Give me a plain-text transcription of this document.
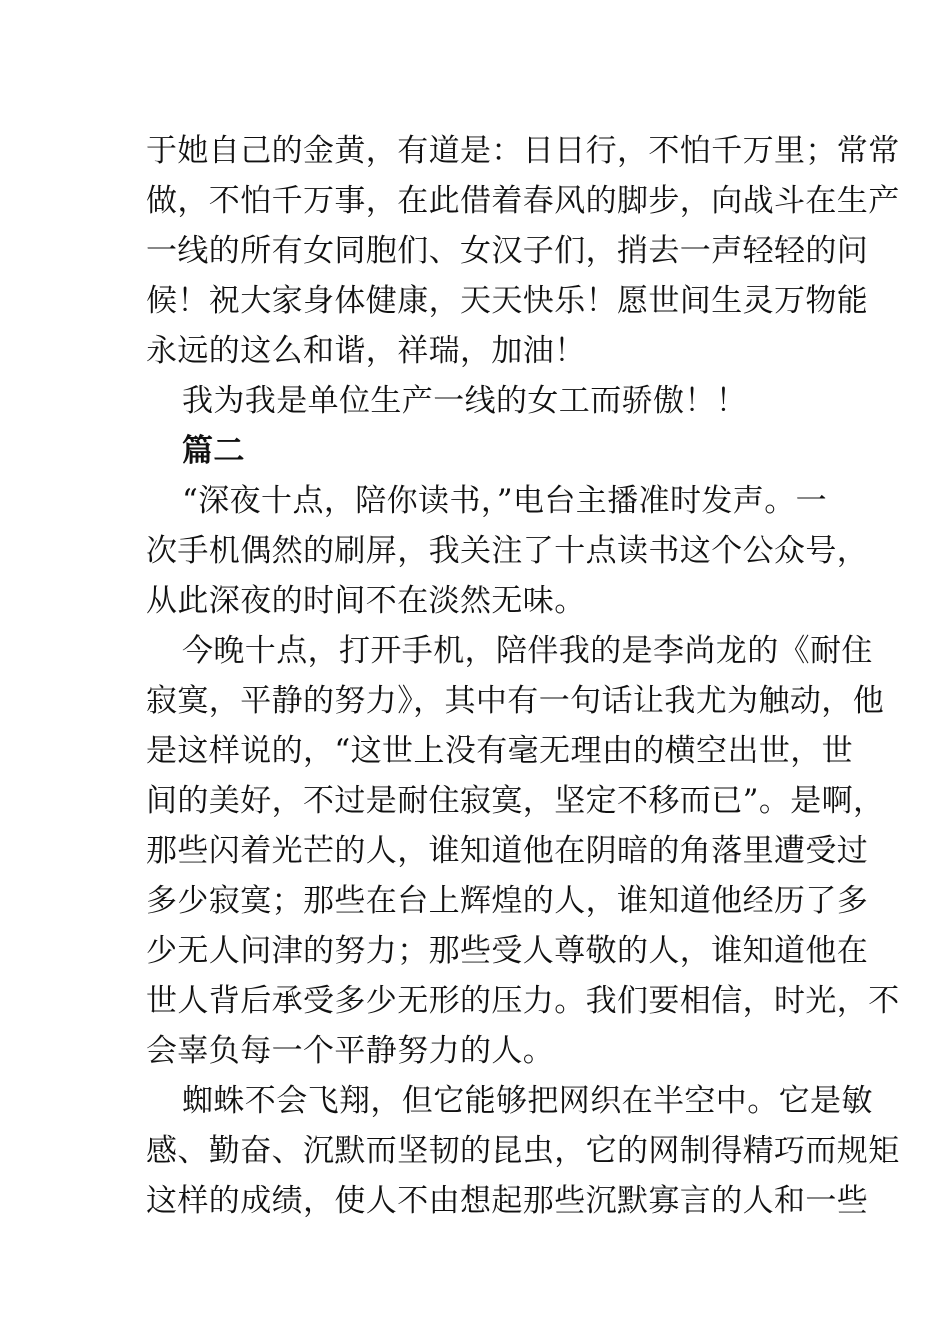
于她自己的金黄，有道是：日日行，不怕千万里；常常
做，不怕千万事，在此借着春风的脚步，向战斗在生产
一线的所有女同胞们、女汉子们，捎去一声轻轻的问
候！祝大家身体健康，天天快乐！愿世间生灵万物能
永远的这么和谐，祥瑞，加油！
我为我是单位生产一线的女工而骄傲！！
篇二
“深夜十点，陪你读书，”电台主播准时发声。一
次手机偶然的刷屏，我关注了十点读书这个公众号，
从此深夜的时间不在淡然无味。
今晚十点，打开手机，陪伴我的是李尚龙的《耐住
寂寞，平静的努力》，其中有一句话让我尤为触动，他
是这样说的，“这世上没有毫无理由的横空出世，世
间的美好，不过是耐住寂寞，坚定不移而已”。是啊，
那些闪着光芒的人，谁知道他在阴暗的角落里遭受过
多少寂寞；那些在台上辉煌的人，谁知道他经历了多
少无人问津的努力；那些受人尊敬的人，谁知道他在
世人背后承受多少无形的压力。我们要相信，时光，不
会辜负每一个平静努力的人。
蜘蛛不会飞翔，但它能够把网织在半空中。它是敏
感、勤奋、沉默而坚韧的昆虫，它的网制得精巧而规矩
这样的成绩，使人不由想起那些沉默寡言的人和一些
